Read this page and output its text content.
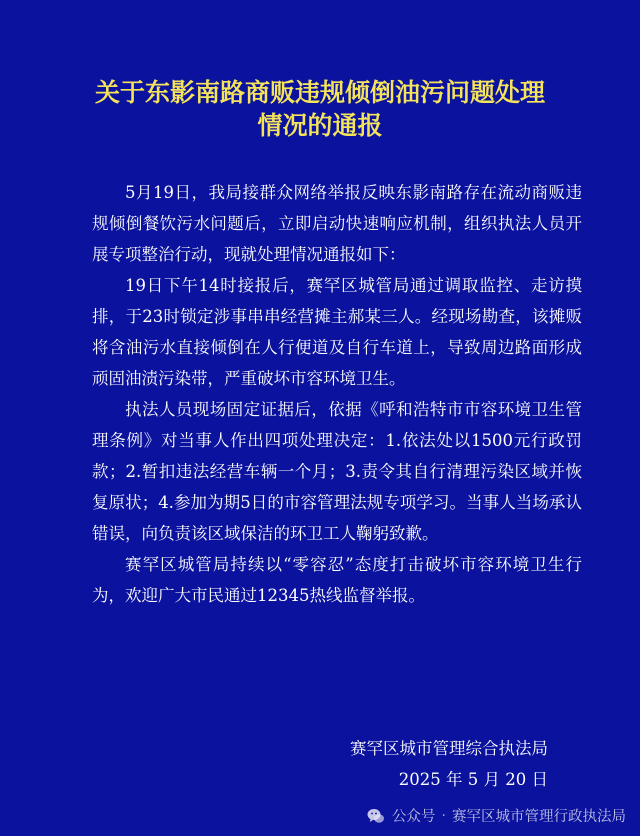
关于东影南路商贩违规倾倒油污问题处理
情况的通报

5月19日，我局接群众网络举报反映东影南路存在流动商贩违规倾倒餐饮污水问题后，立即启动快速响应机制，组织执法人员开展专项整治行动，现就处理情况通报如下：

19日下午14时接报后，赛罕区城管局通过调取监控、走访摸排，于23时锁定涉事串串经营摊主郝某三人。经现场勘查，该摊贩将含油污水直接倾倒在人行便道及自行车道上，导致周边路面形成顽固油渍污染带，严重破坏市容环境卫生。

执法人员现场固定证据后，依据《呼和浩特市市容环境卫生管理条例》对当事人作出四项处理决定：1.依法处以1500元行政罚款；2.暂扣违法经营车辆一个月；3.责令其自行清理污染区域并恢复原状；4.参加为期5日的市容管理法规专项学习。当事人当场承认错误，向负责该区域保洁的环卫工人鞠躬致歉。

赛罕区城管局持续以“零容忍”态度打击破坏市容环境卫生行为，欢迎广大市民通过12345热线监督举报。

赛罕区城市管理综合执法局
2025 年 5 月 20 日
公众号 · 赛罕区城市管理行政执法局
